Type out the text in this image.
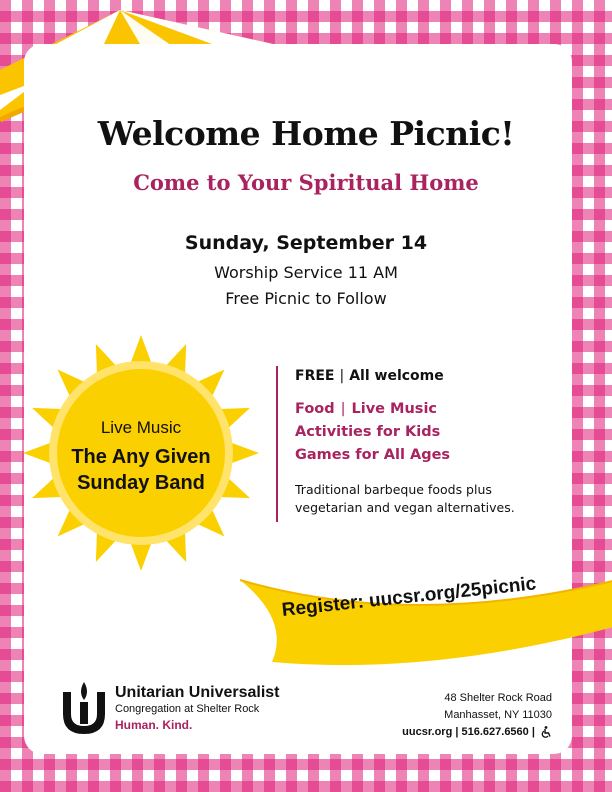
Welcome Home Picnic!
Come to Your Spiritual Home
Sunday, September 14
Worship Service 11 AM
Free Picnic to Follow
Live Music
The Any Given
Sunday Band
FREE | All welcome
Food | Live Music
Activities for Kids
Games for All Ages
Traditional barbeque foods plus
vegetarian and vegan alternatives.
Register: uucsr.org/25picnic
Unitarian Universalist
Congregation at Shelter Rock
Human. Kind.
48 Shelter Rock Road
Manhasset, NY 11030
uucsr.org | 516.627.6560 |
